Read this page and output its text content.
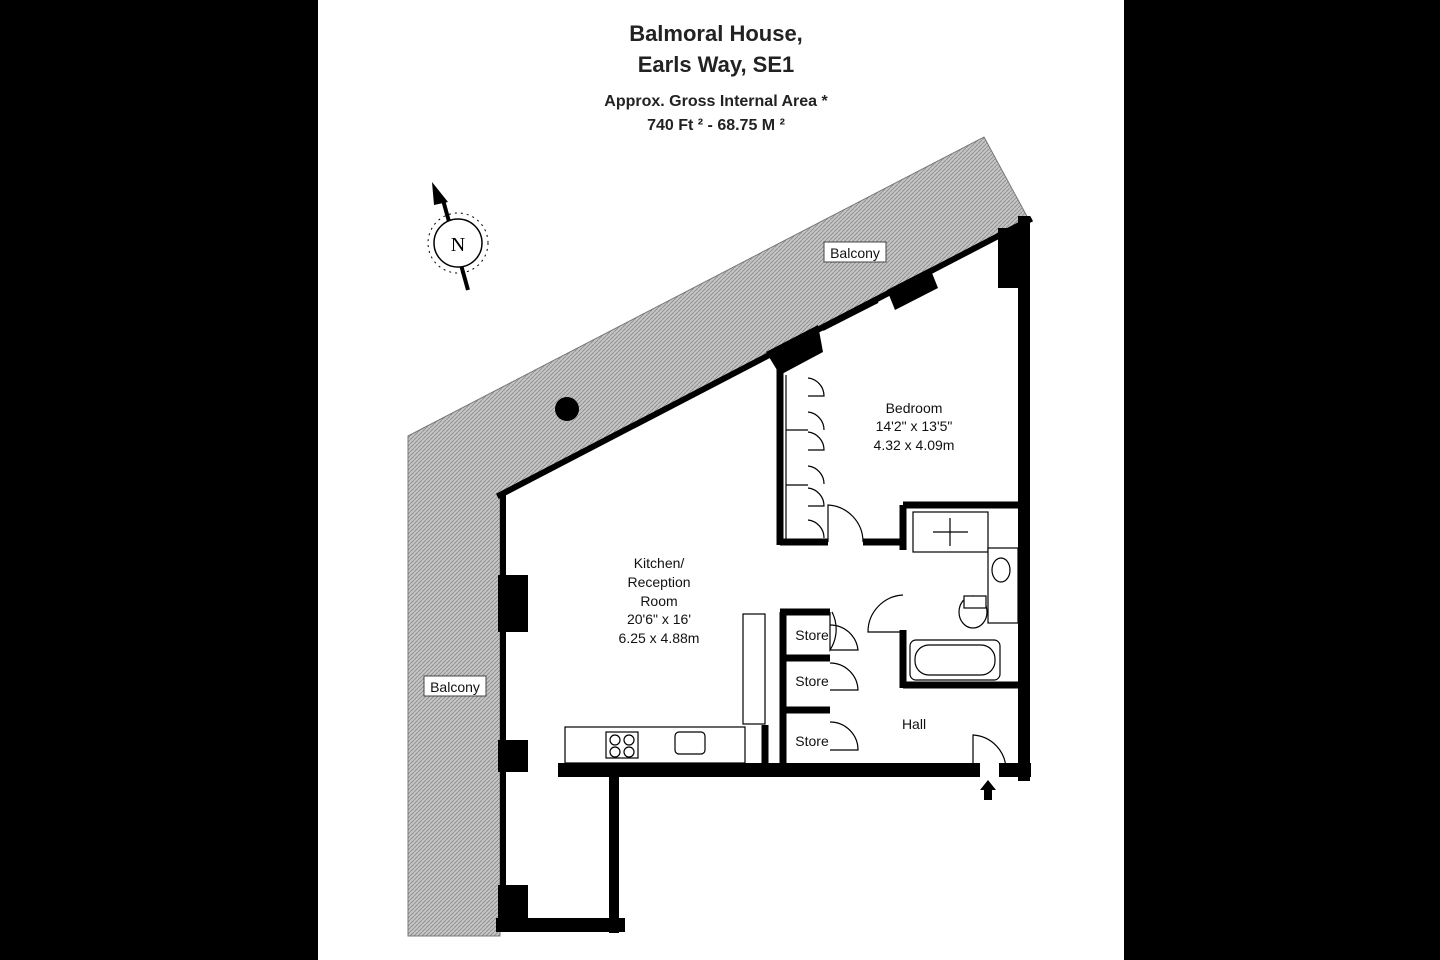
Balmoral House,
Earls Way, SE1
Approx. Gross Internal Area *
740 Ft ² - 68.75 M ²
N	Balcony
Balcony
Bedroom
14'2" x 13'5"
4.32 x 4.09m
Kitchen/
Reception
Room
20'6" x 16'
6.25 x 4.88m
Hall
Store
Store
Store
